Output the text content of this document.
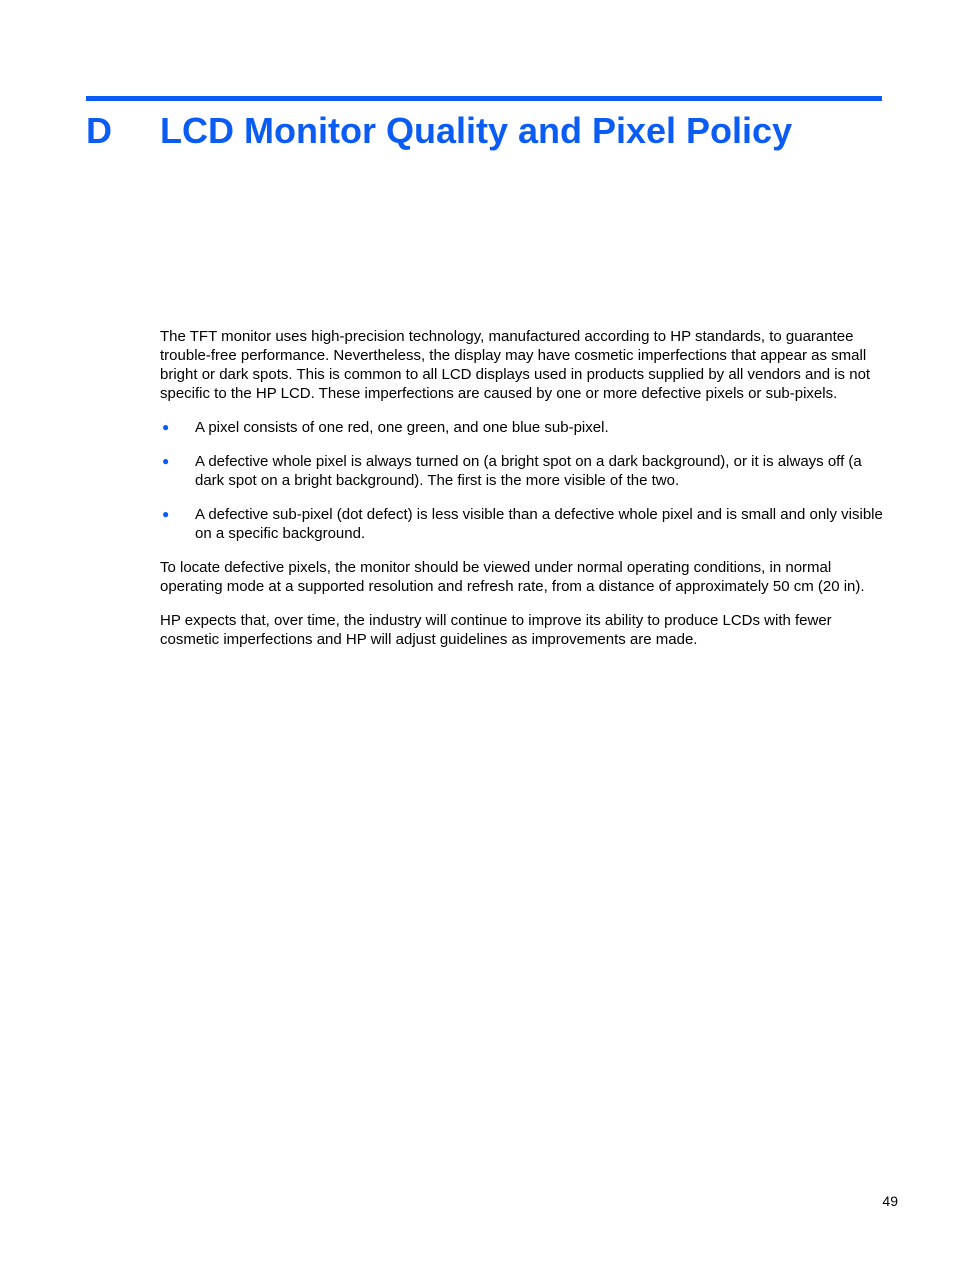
D LCD Monitor Quality and Pixel Policy

The TFT monitor uses high-precision technology, manufactured according to HP standards, to guarantee trouble-free performance. Nevertheless, the display may have cosmetic imperfections that appear as small bright or dark spots. This is common to all LCD displays used in products supplied by all vendors and is not specific to the HP LCD. These imperfections are caused by one or more defective pixels or sub-pixels.

● A pixel consists of one red, one green, and one blue sub-pixel.
● A defective whole pixel is always turned on (a bright spot on a dark background), or it is always off (a dark spot on a bright background). The first is the more visible of the two.
● A defective sub-pixel (dot defect) is less visible than a defective whole pixel and is small and only visible on a specific background.

To locate defective pixels, the monitor should be viewed under normal operating conditions, in normal operating mode at a supported resolution and refresh rate, from a distance of approximately 50 cm (20 in).

HP expects that, over time, the industry will continue to improve its ability to produce LCDs with fewer cosmetic imperfections and HP will adjust guidelines as improvements are made.

49
